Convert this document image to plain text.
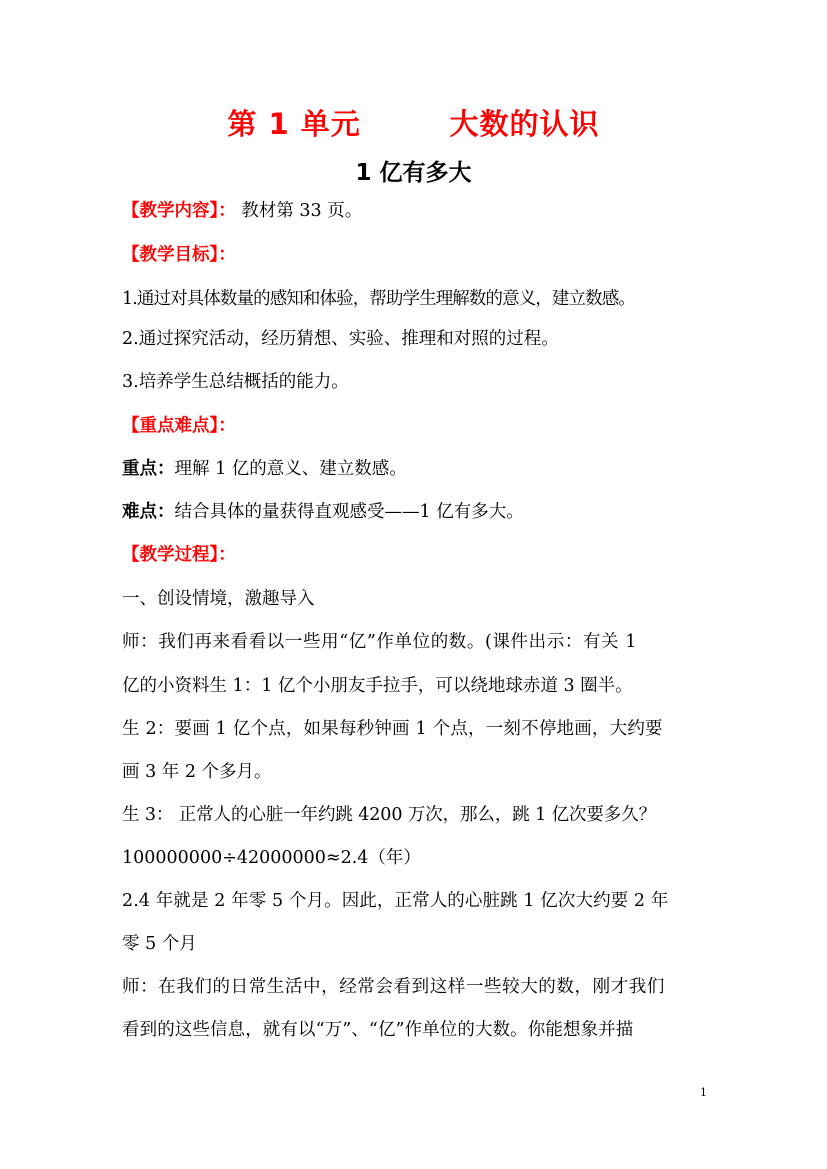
第 1 单元        大数的认识
1 亿有多大
【教学内容】： 教材第 33 页。
【教学目标】：
1.通过对具体数量的感知和体验，帮助学生理解数的意义，建立数感。
2.通过探究活动，经历猜想、实验、推理和对照的过程。
3.培养学生总结概括的能力。
【重点难点】：
重点：理解 1 亿的意义、建立数感。
难点：结合具体的量获得直观感受——1 亿有多大。
【教学过程】：
一、创设情境，激趣导入
师：我们再来看看以一些用“亿”作单位的数。(课件出示：有关 1
亿的小资料生 1：1 亿个小朋友手拉手，可以绕地球赤道 3 圈半。
生 2：要画 1 亿个点，如果每秒钟画 1 个点，一刻不停地画，大约要
画 3 年 2 个多月。
生 3： 正常人的心脏一年约跳 4200 万次，那么，跳 1 亿次要多久？
100000000÷42000000≈2.4（年）
2.4 年就是 2 年零 5 个月。因此，正常人的心脏跳 1 亿次大约要 2 年
零 5 个月
师：在我们的日常生活中，经常会看到这样一些较大的数，刚才我们
看到的这些信息，就有以“万”、“亿”作单位的大数。你能想象并描
1
